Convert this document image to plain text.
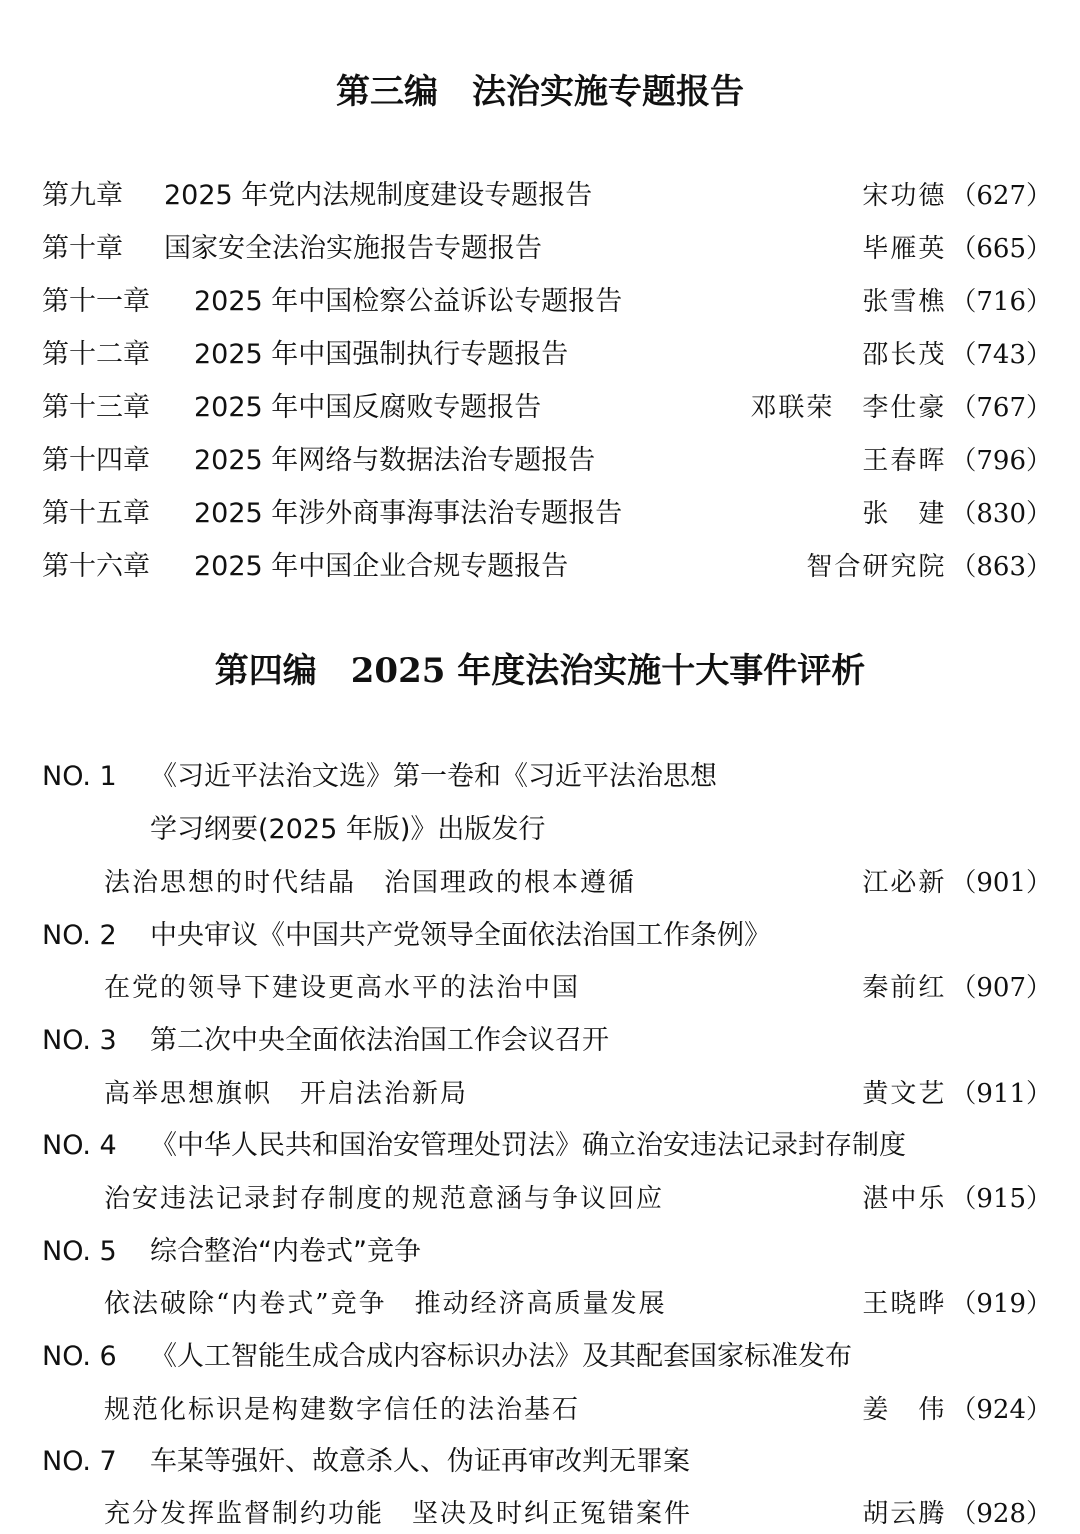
第三编　法治实施专题报告
第九章	2025 年党内法规制度建设专题报告	宋功德 （627）
第十章	国家安全法治实施报告专题报告	毕雁英 （665）
第十一章	2025 年中国检察公益诉讼专题报告	张雪樵 （716）
第十二章	2025 年中国强制执行专题报告	邵长茂 （743）
第十三章	2025 年中国反腐败专题报告	邓联荣　李仕豪 （767）
第十四章	2025 年网络与数据法治专题报告	王春晖 （796）
第十五章	2025 年涉外商事海事法治专题报告	张　建 （830）
第十六章	2025 年中国企业合规专题报告	智合研究院 （863）
第四编　2025 年度法治实施十大事件评析
NO. 1	《习近平法治文选》第一卷和《习近平法治思想
学习纲要(2025 年版)》出版发行
法治思想的时代结晶　治国理政的根本遵循	江必新 （901）
NO. 2	中央审议《中国共产党领导全面依法治国工作条例》
在党的领导下建设更高水平的法治中国	秦前红 （907）
NO. 3	第二次中央全面依法治国工作会议召开
高举思想旗帜　开启法治新局	黄文艺 （911）
NO. 4	《中华人民共和国治安管理处罚法》确立治安违法记录封存制度
治安违法记录封存制度的规范意涵与争议回应	湛中乐 （915）
NO. 5	综合整治“内卷式”竞争
依法破除“内卷式”竞争　推动经济高质量发展	王晓晔 （919）
NO. 6	《人工智能生成合成内容标识办法》及其配套国家标准发布
规范化标识是构建数字信任的法治基石	姜　伟 （924）
NO. 7	车某等强奸、故意杀人、伪证再审改判无罪案
充分发挥监督制约功能　坚决及时纠正冤错案件	胡云腾 （928）
